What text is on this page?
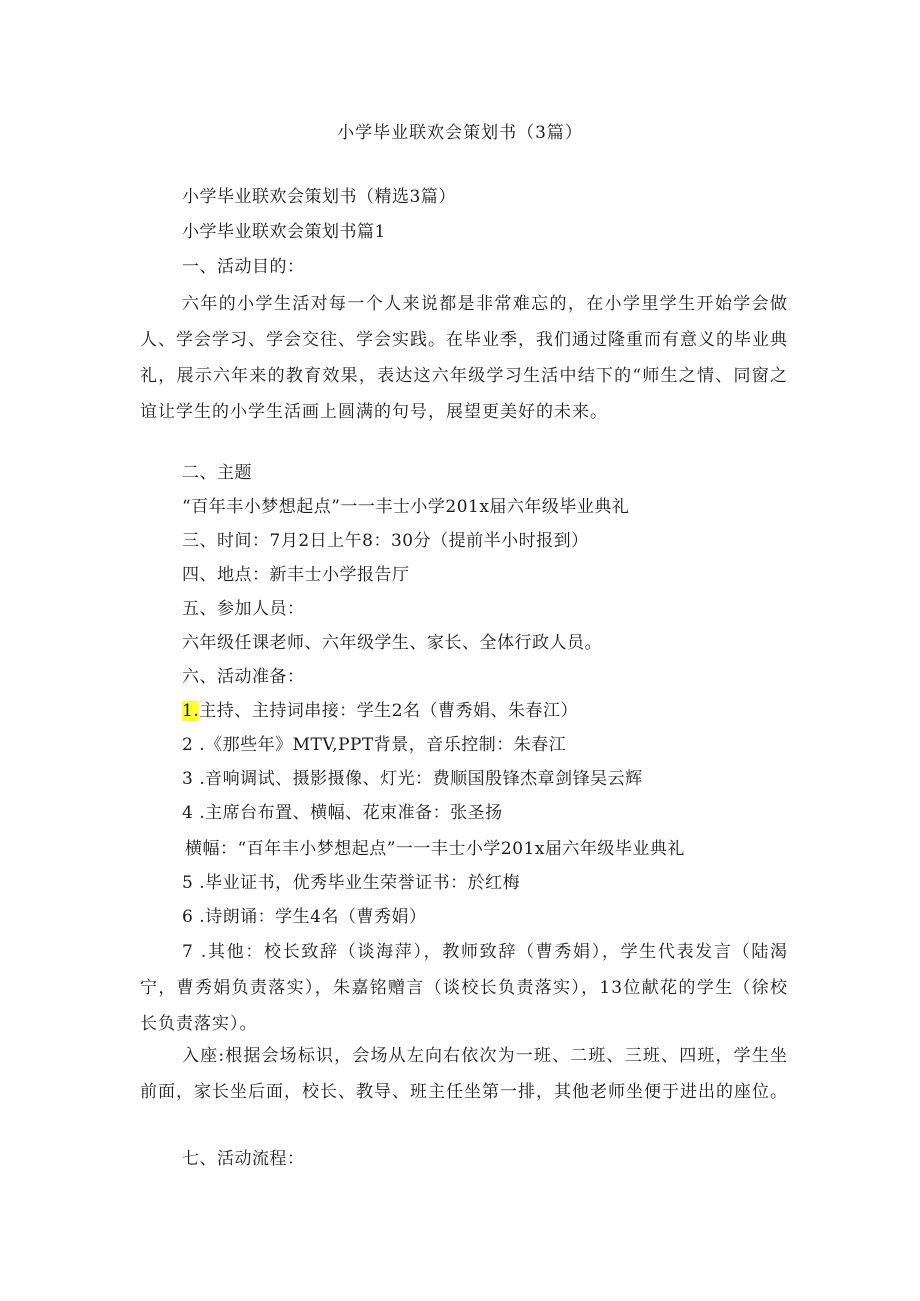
小学毕业联欢会策划书（3篇）
小学毕业联欢会策划书（精选3篇）
小学毕业联欢会策划书篇1
一、活动目的：
六年的小学生活对每一个人来说都是非常难忘的，在小学里学生开始学会做人、学会学习、学会交往、学会实践。在毕业季，我们通过隆重而有意义的毕业典礼，展示六年来的教育效果，表达这六年级学习生活中结下的“师生之情、同窗之谊让学生的小学生活画上圆满的句号，展望更美好的未来。
二、主题
“百年丰小梦想起点”一一丰士小学201x届六年级毕业典礼
三、时间：7月2日上午8：30分（提前半小时报到）
四、地点：新丰士小学报告厅
五、参加人员：
六年级任课老师、六年级学生、家长、全体行政人员。
六、活动准备：
1.主持、主持词串接：学生2名（曹秀娟、朱春江）
2 .《那些年》MTV,PPT背景，音乐控制：朱春江
3 .音响调试、摄影摄像、灯光：费顺国殷锋杰章剑锋吴云辉
4 .主席台布置、横幅、花束准备：张圣扬
横幅：“百年丰小梦想起点”一一丰士小学201x届六年级毕业典礼
5 .毕业证书，优秀毕业生荣誉证书：於红梅
6 .诗朗诵：学生4名（曹秀娟）
7 .其他：校长致辞（谈海萍），教师致辞（曹秀娟），学生代表发言（陆渴宁，曹秀娟负责落实），朱嘉铭赠言（谈校长负责落实），13位献花的学生（徐校长负责落实）。
入座:根据会场标识，会场从左向右依次为一班、二班、三班、四班，学生坐前面，家长坐后面，校长、教导、班主任坐第一排，其他老师坐便于进出的座位。
七、活动流程：
